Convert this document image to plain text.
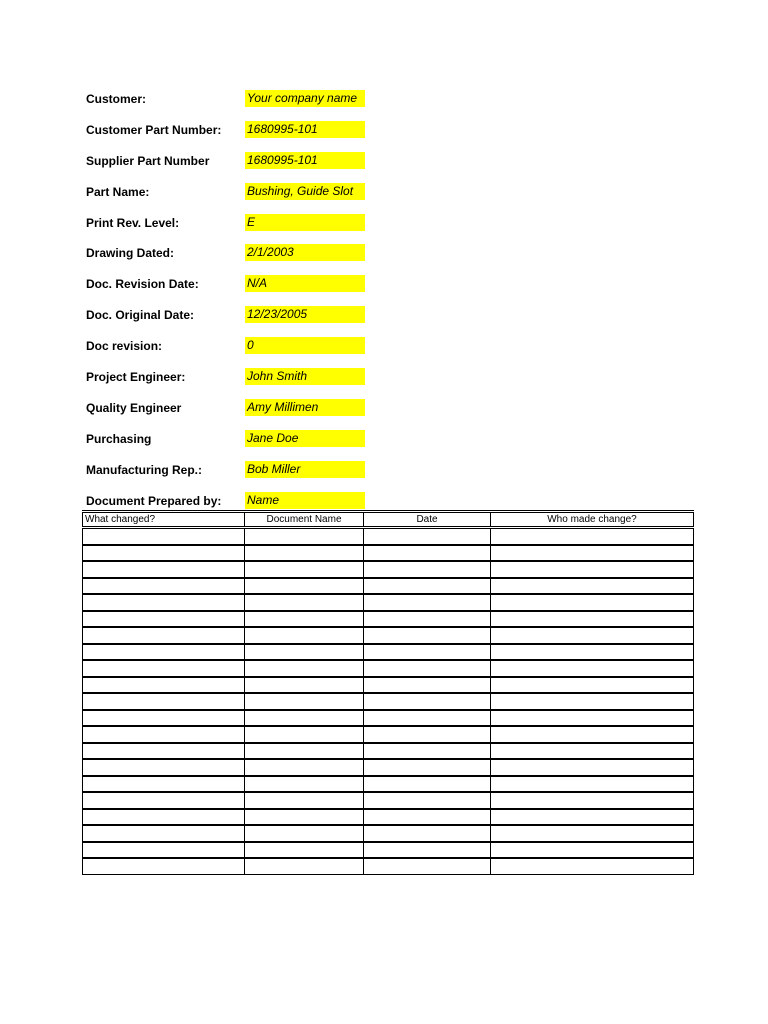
Customer:	Your company name
Customer Part Number: 1680995-101
Supplier Part Number	1680995-101
Part Name:	Bushing, Guide Slot
Print Rev. Level:	E
Drawing Dated:	2/1/2003
Doc. Revision Date:	N/A
Doc. Original Date:	12/23/2005
Doc revision:	0
Project Engineer:	John Smith
Quality Engineer	Amy Millimen
Purchasing	Jane Doe
Manufacturing Rep.:	Bob Miller
Document Prepared by: Name
What changed?	Document Name	Date	Who made change?
